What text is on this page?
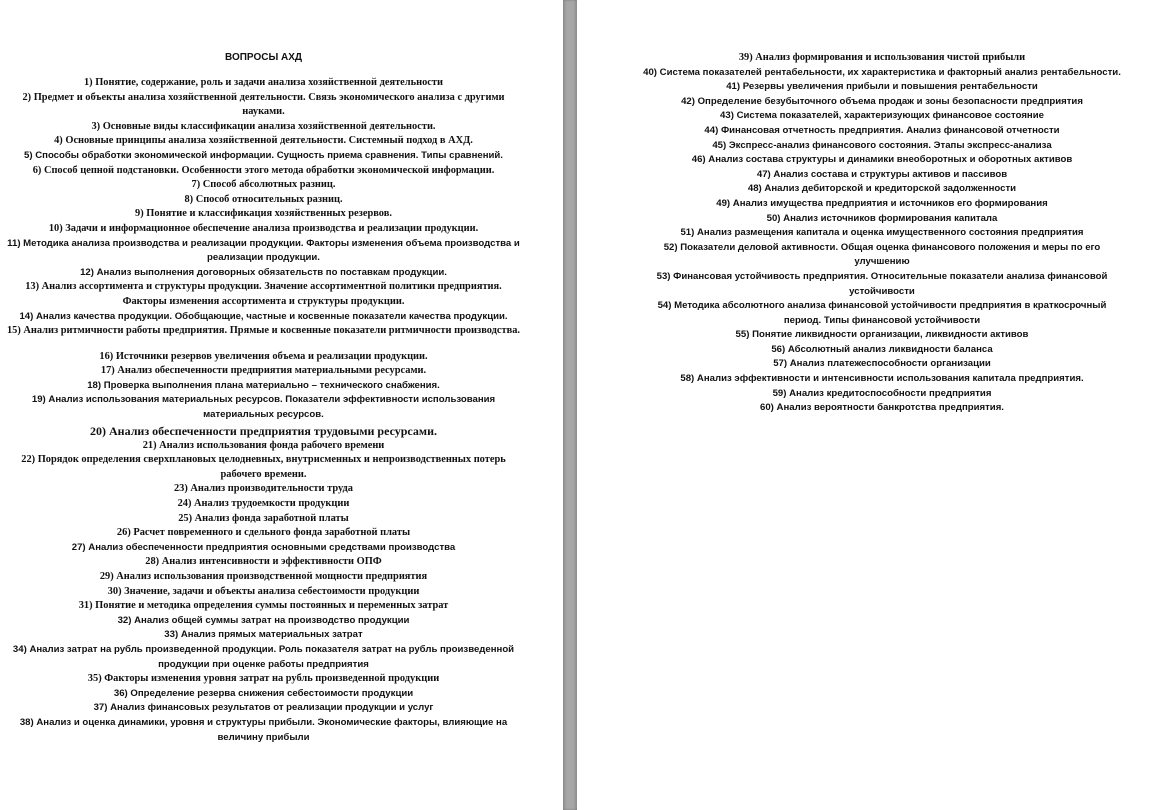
ВОПРОСЫ АХД
1) Понятие, содержание, роль и задачи анализа хозяйственной деятельности
2) Предмет и объекты анализа хозяйственной деятельности. Связь экономического анализа с другими науками.
3) Основные виды классификации анализа хозяйственной деятельности.
4) Основные принципы анализа хозяйственной деятельности. Системный подход в АХД.
5) Способы обработки экономической информации. Сущность приема сравнения. Типы сравнений.
6) Способ цепной подстановки. Особенности этого метода обработки экономической информации.
7) Способ абсолютных разниц.
8) Способ относительных разниц.
9) Понятие и классификация хозяйственных резервов.
10) Задачи и информационное обеспечение анализа производства и реализации продукции.
11) Методика анализа производства и реализации продукции. Факторы изменения объема производства и реализации продукции.
12) Анализ выполнения договорных обязательств по поставкам продукции.
13) Анализ ассортимента и структуры продукции. Значение ассортиментной политики предприятия. Факторы изменения ассортимента и структуры продукции.
14) Анализ качества продукции. Обобщающие, частные и косвенные показатели качества продукции.
15) Анализ ритмичности работы предприятия. Прямые и косвенные показатели ритмичности производства.
16) Источники резервов увеличения объема и реализации продукции.
17) Анализ обеспеченности предприятия материальными ресурсами.
18) Проверка выполнения плана материально – технического снабжения.
19) Анализ использования материальных ресурсов. Показатели эффективности использования материальных ресурсов.
20) Анализ обеспеченности предприятия трудовыми ресурсами.
21) Анализ использования фонда рабочего времени
22) Порядок определения сверхплановых целодневных, внутрисменных и непроизводственных потерь рабочего времени.
23) Анализ производительности труда
24) Анализ трудоемкости продукции
25) Анализ фонда заработной платы
26) Расчет повременного и сдельного фонда заработной платы
27) Анализ обеспеченности предприятия основными средствами производства
28) Анализ интенсивности и эффективности ОПФ
29) Анализ использования производственной мощности предприятия
30) Значение, задачи и объекты анализа себестоимости продукции
31) Понятие и методика определения суммы постоянных и переменных затрат
32) Анализ общей суммы затрат на производство продукции
33) Анализ прямых материальных затрат
34) Анализ затрат на рубль произведенной продукции. Роль показателя затрат на рубль произведенной продукции при оценке работы предприятия
35) Факторы изменения уровня затрат на рубль произведенной продукции
36) Определение резерва снижения себестоимости продукции
37) Анализ финансовых результатов от реализации продукции и услуг
38) Анализ и оценка динамики, уровня и структуры прибыли. Экономические факторы, влияющие на величину прибыли
39) Анализ формирования и использования чистой прибыли
40) Система показателей рентабельности, их характеристика и факторный анализ рентабельности.
41) Резервы увеличения прибыли и повышения рентабельности
42) Определение безубыточного объема продаж и зоны безопасности предприятия
43) Система показателей, характеризующих финансовое состояние
44) Финансовая отчетность предприятия. Анализ финансовой отчетности
45) Экспресс-анализ финансового состояния. Этапы экспресс-анализа
46) Анализ состава структуры и динамики внеоборотных и оборотных активов
47) Анализ состава и структуры активов и пассивов
48) Анализ дебиторской и кредиторской задолженности
49) Анализ имущества предприятия и источников его формирования
50) Анализ источников формирования капитала
51) Анализ размещения капитала и оценка имущественного состояния предприятия
52) Показатели деловой активности. Общая оценка финансового положения и меры по его улучшению
53) Финансовая устойчивость предприятия. Относительные показатели анализа финансовой устойчивости
54) Методика абсолютного анализа финансовой устойчивости предприятия в краткосрочный период. Типы финансовой устойчивости
55) Понятие ликвидности организации, ликвидности активов
56) Абсолютный анализ ликвидности баланса
57) Анализ платежеспособности организации
58) Анализ эффективности и интенсивности использования капитала предприятия.
59) Анализ кредитоспособности предприятия
60) Анализ вероятности банкротства предприятия.
